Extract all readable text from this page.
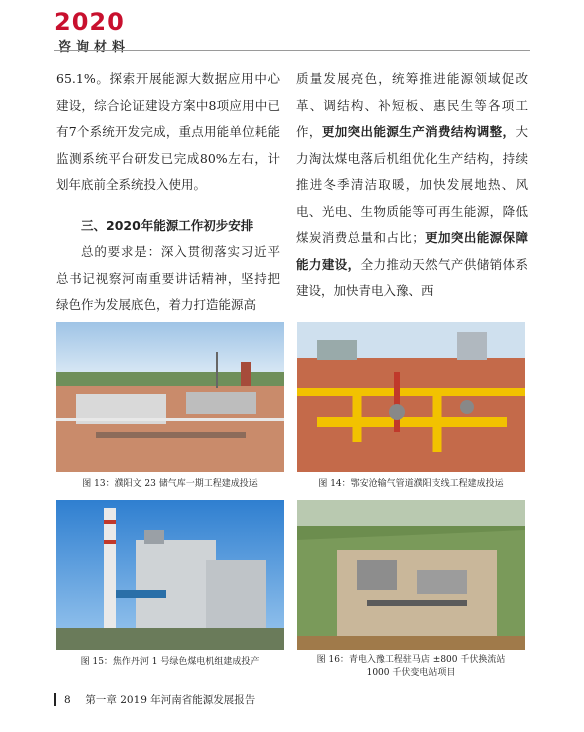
2020
咨询材料

65.1%。探索开展能源大数据应用中心建设，综合论证建设方案中8项应用中已有7个系统开发完成，重点用能单位耗能监测系统平台研发已完成80%左右，计划年底前全系统投入使用。

三、2020年能源工作初步安排

总的要求是：深入贯彻落实习近平总书记视察河南重要讲话精神，坚持把绿色作为发展底色，着力打造能源高

质量发展亮色，统筹推进能源领域促改革、调结构、补短板、惠民生等各项工作，更加突出能源生产消费结构调整，大力淘汰煤电落后机组优化生产结构，持续推进冬季清洁取暖，加快发展地热、风电、光电、生物质能等可再生能源，降低煤炭消费总量和占比；更加突出能源保障能力建设，全力推动天然气产供储销体系建设，加快青电入豫、西

图 13：濮阳文 23 储气库一期工程建成投运	图 14：鄂安沧输气管道濮阳支线工程建成投运
图 15：焦作丹河 1 号绿色煤电机组建成投产	图 16：青电入豫工程驻马店 ±800 千伏换流站
1000 千伏变电站项目
8 第一章 2019 年河南省能源发展报告
